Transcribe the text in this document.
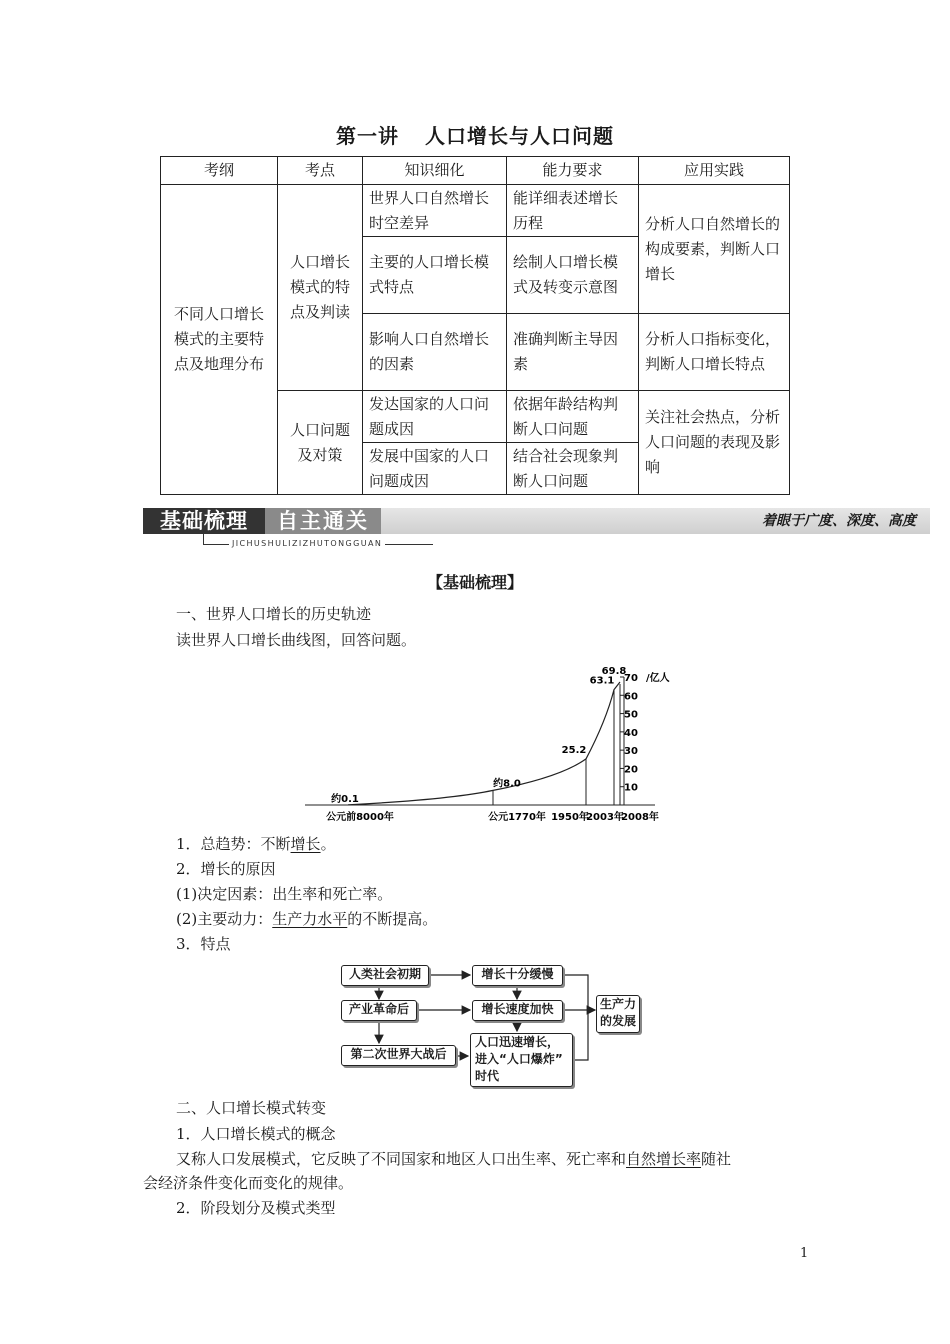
第一讲 人口增长与人口问题
考纲	考点	知识细化	能力要求	应用实践
不同人口增长模式的主要特点及地理分布	人口增长模式的特点及判读	世界人口自然增长时空差异	能详细表述增长历程	分析人口自然增长的构成要素，判断人口增长
		主要的人口增长模式特点	绘制人口增长模式及转变示意图	
		影响人口自然增长的因素	准确判断主导因素	分析人口指标变化，判断人口增长特点
	人口问题及对策	发达国家的人口问题成因	依据年龄结构判断人口问题	关注社会热点，分析人口问题的表现及影响
		发展中国家的人口问题成因	结合社会现象判断人口问题	
基础梳理	自主通关	着眼于广度、深度、高度
JICHUSHULIZIZHUTONGGUAN
【基础梳理】
一、世界人口增长的历史轨迹
读世界人口增长曲线图，回答问题。
约0.1
约8.0
25.2
63.1
69.8
公元前8000年	公元1770年 1950年
2003年
2008年
10
20
30
40
50
60
70 /亿人
1．总趋势：不断增长。
2．增长的原因
(1)决定因素：出生率和死亡率。
(2)主要动力：生产力水平的不断提高。
3．特点
人类社会初期	增长十分缓慢
产业革命后	增长速度加快
第二次世界大战后
人口迅速增长，
进入“人口爆炸”
时代
生产力
的发展
二、人口增长模式转变
1．人口增长模式的概念
又称人口发展模式，它反映了不同国家和地区人口出生率、死亡率和自然增长率随社
会经济条件变化而变化的规律。
2．阶段划分及模式类型
1
